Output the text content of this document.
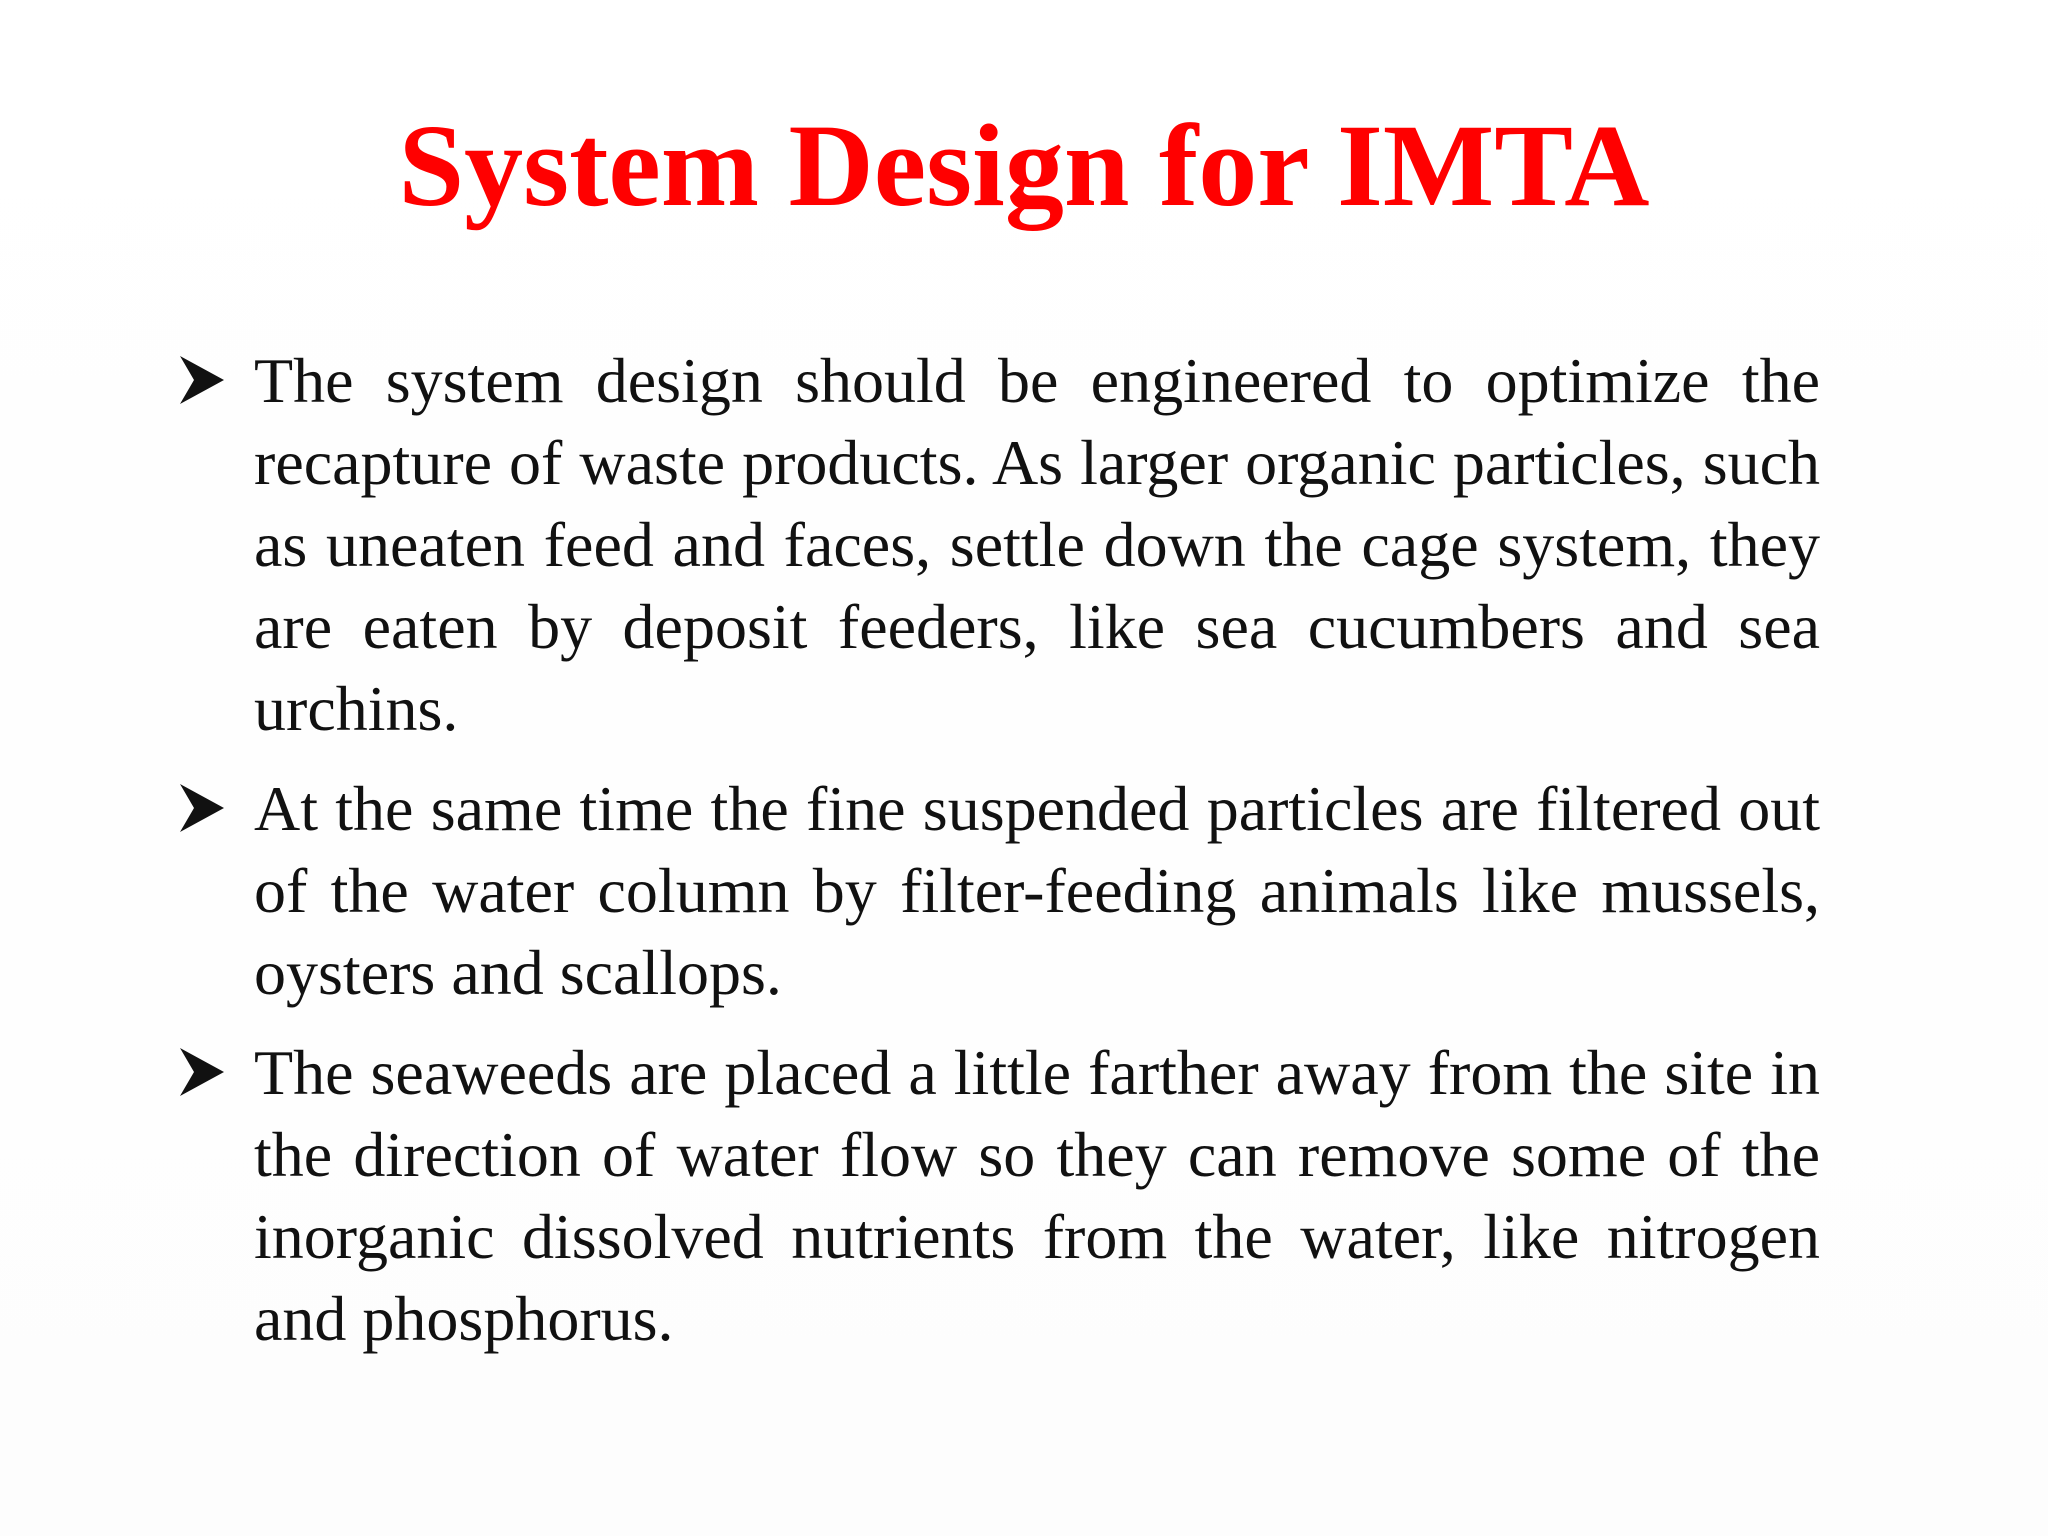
System Design for IMTA
The system design should be engineered to optimize the recapture of waste products. As larger organic particles, such as uneaten feed and faces, settle down the cage system, they are eaten by deposit feeders, like sea cucumbers and sea urchins.
At the same time the fine suspended particles are filtered out of the water column by filter-feeding animals like mussels, oysters and scallops.
The seaweeds are placed a little farther away from the site in the direction of water flow so they can remove some of the inorganic dissolved nutrients from the water, like nitrogen and phosphorus.
